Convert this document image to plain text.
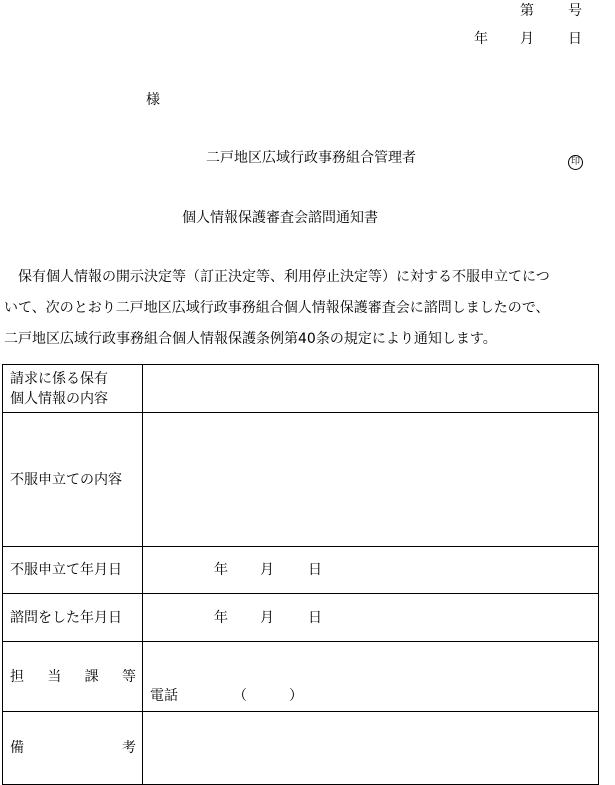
第 号
年 月 日
様
二戸地区広域行政事務組合管理者	印
個人情報保護審査会諮問通知書
　保有個人情報の開示決定等（訂正決定等、利用停止決定等）に対する不服申立てにつ
いて、次のとおり二戸地区広域行政事務組合個人情報保護審査会に諮問しましたので、
二戸地区広域行政事務組合個人情報保護条例第40条の規定により通知します。
請求に係る保有
個人情報の内容	

不服申立ての内容	
不服申立て年月日	年 月 日

諮問をした年月日	年 月 日

担 当 課 等	電話 （ ）

備 考	
